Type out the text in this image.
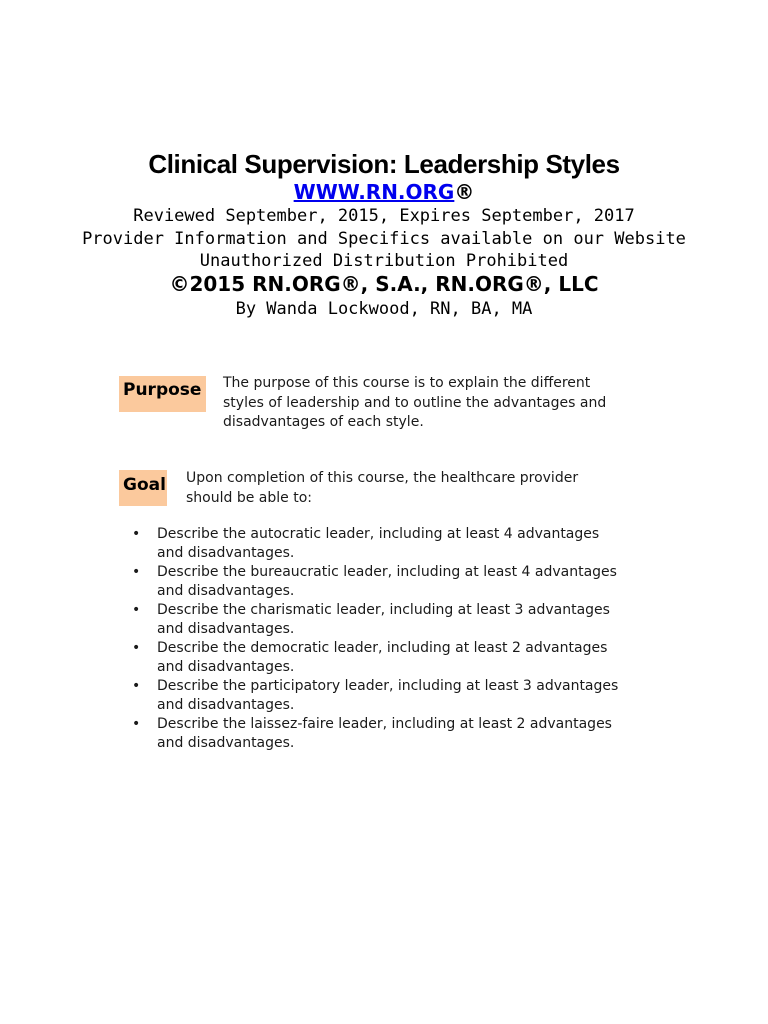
Clinical Supervision: Leadership Styles
WWW.RN.ORG®
Reviewed September, 2015, Expires September, 2017
Provider Information and Specifics available on our Website
Unauthorized Distribution Prohibited
©2015 RN.ORG®, S.A., RN.ORG®, LLC
By Wanda Lockwood, RN, BA, MA
Purpose	The purpose of this course is to explain the different
styles of leadership and to outline the advantages and
disadvantages of each style.
Goal Upon completion of this course, the healthcare provider
should be able to:
• Describe the autocratic leader, including at least 4 advantages
and disadvantages.
• Describe the bureaucratic leader, including at least 4 advantages
and disadvantages.
• Describe the charismatic leader, including at least 3 advantages
and disadvantages.
• Describe the democratic leader, including at least 2 advantages
and disadvantages.
• Describe the participatory leader, including at least 3 advantages
and disadvantages.
• Describe the laissez-faire leader, including at least 2 advantages
and disadvantages.
